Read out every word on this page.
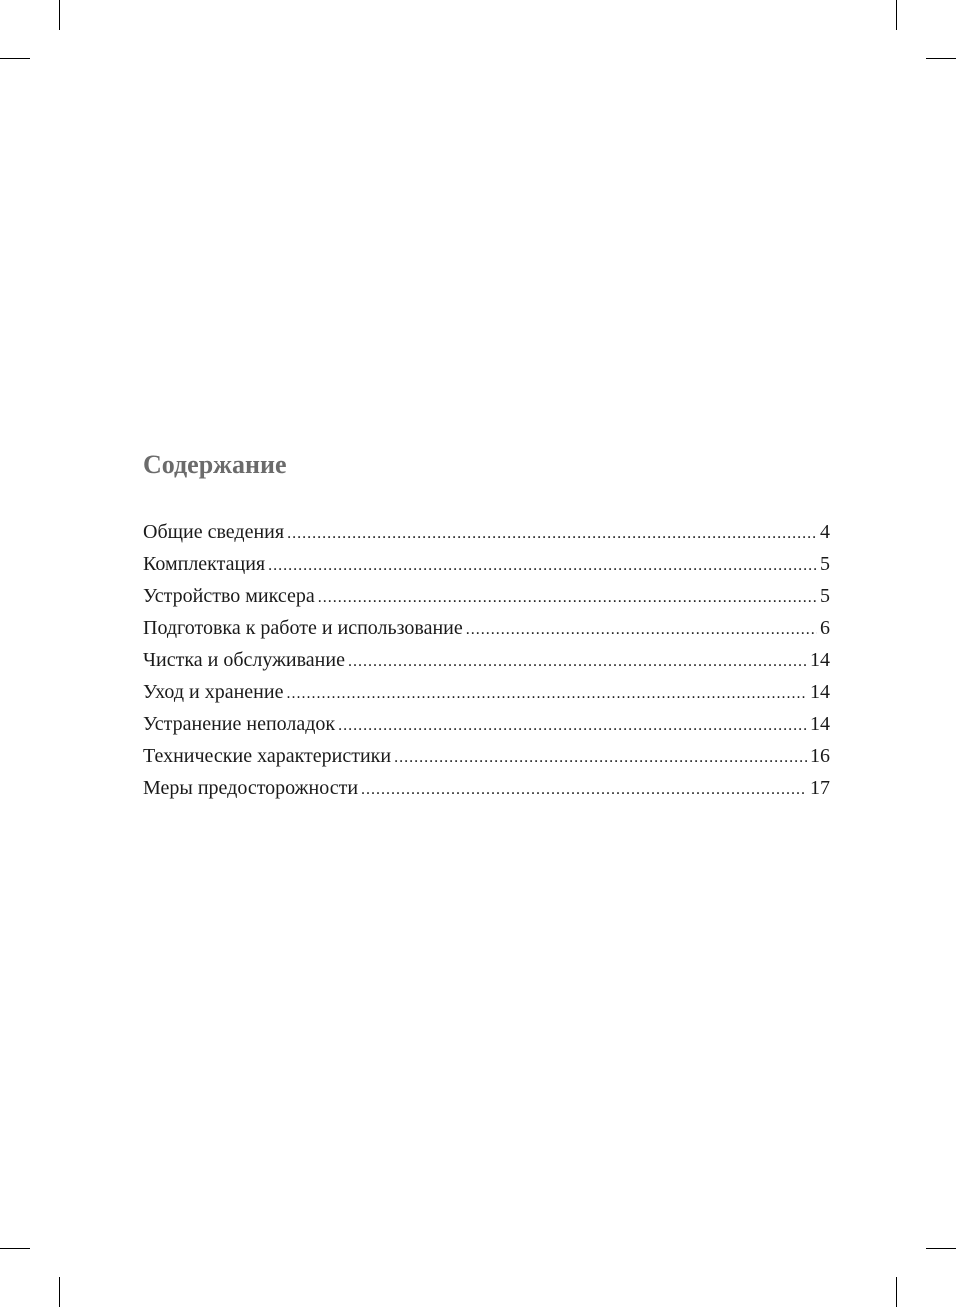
Содержание
Общие сведения .....	4
Комплектация .....	5
Устройство миксера .....	5
Подготовка к работе и использование .....	6
Чистка и обслуживание .....	14
Уход и хранение .....	14
Устранение неполадок .....	14
Технические характеристики .....	16
Меры предосторожности .....	17
